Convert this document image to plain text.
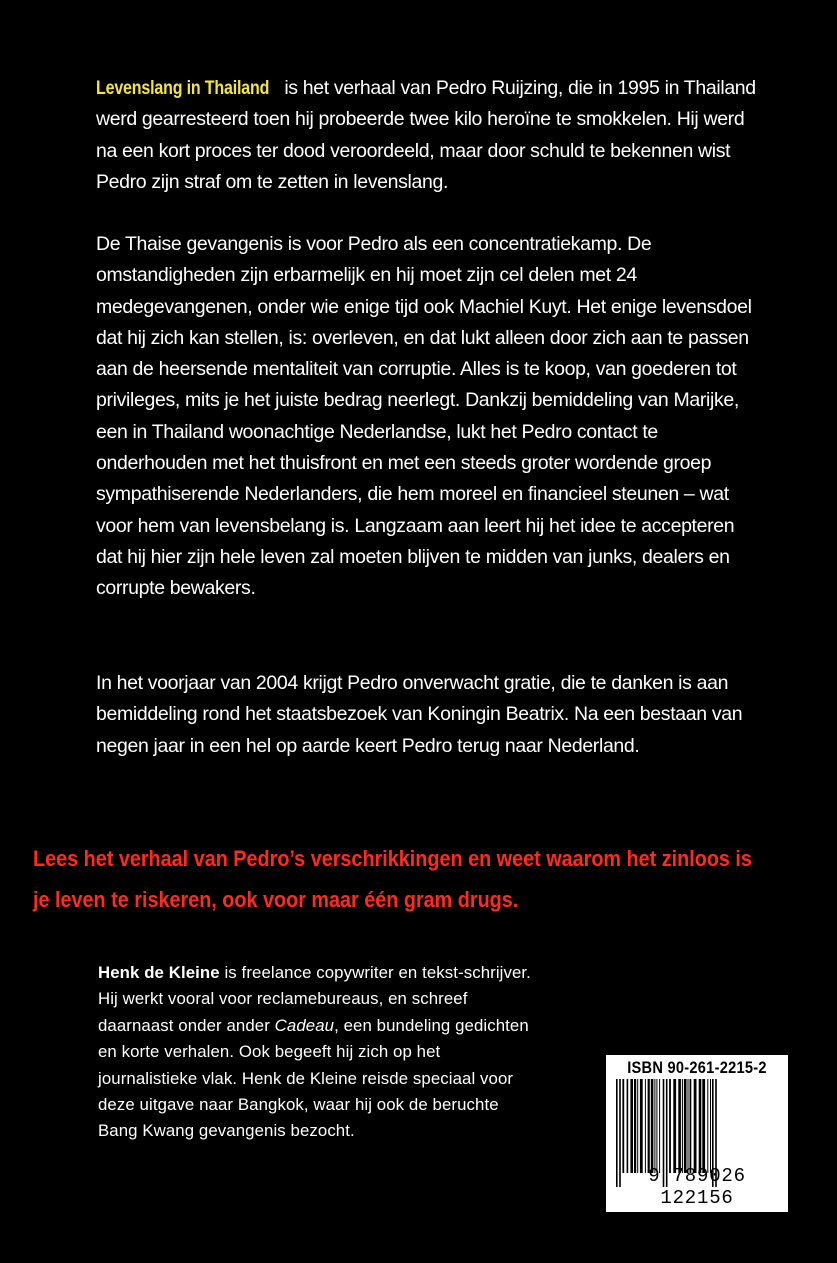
Levenslang in Thailand is het verhaal van Pedro Ruijzing, die in 1995 in Thailand werd gearresteerd toen hij probeerde twee kilo heroïne te smokkelen. Hij werd na een kort proces ter dood veroordeeld, maar door schuld te bekennen wist Pedro zijn straf om te zetten in levenslang.

De Thaise gevangenis is voor Pedro als een concentratiekamp. De omstandigheden zijn erbarmelijk en hij moet zijn cel delen met 24 medegevangenen, onder wie enige tijd ook Machiel Kuyt. Het enige levensdoel dat hij zich kan stellen, is: overleven, en dat lukt alleen door zich aan te passen aan de heersende mentaliteit van corruptie. Alles is te koop, van goederen tot privileges, mits je het juiste bedrag neerlegt. Dankzij bemiddeling van Marijke, een in Thailand woonachtige Nederlandse, lukt het Pedro contact te onderhouden met het thuisfront en met een steeds groter wordende groep sympathiserende Nederlanders, die hem moreel en financieel steunen – wat voor hem van levensbelang is. Langzaam aan leert hij het idee te accepteren dat hij hier zijn hele leven zal moeten blijven te midden van junks, dealers en corrupte bewakers.

In het voorjaar van 2004 krijgt Pedro onverwacht gratie, die te danken is aan bemiddeling rond het staatsbezoek van Koningin Beatrix. Na een bestaan van negen jaar in een hel op aarde keert Pedro terug naar Nederland.

Lees het verhaal van Pedro’s verschrikkingen en weet waarom het zinloos is
je leven te riskeren, ook voor maar één gram drugs.

Henk de Kleine is freelance copywriter en tekst-schrijver. Hij werkt vooral voor reclamebureaus, en schreef daarnaast onder ander Cadeau, een bundeling gedichten en korte verhalen. Ook begeeft hij zich op het journalistieke vlak. Henk de Kleine reisde speciaal voor deze uitgave naar Bangkok, waar hij ook de beruchte Bang Kwang gevangenis bezocht.

ISBN 90-261-2215-2
9 789026 122156
